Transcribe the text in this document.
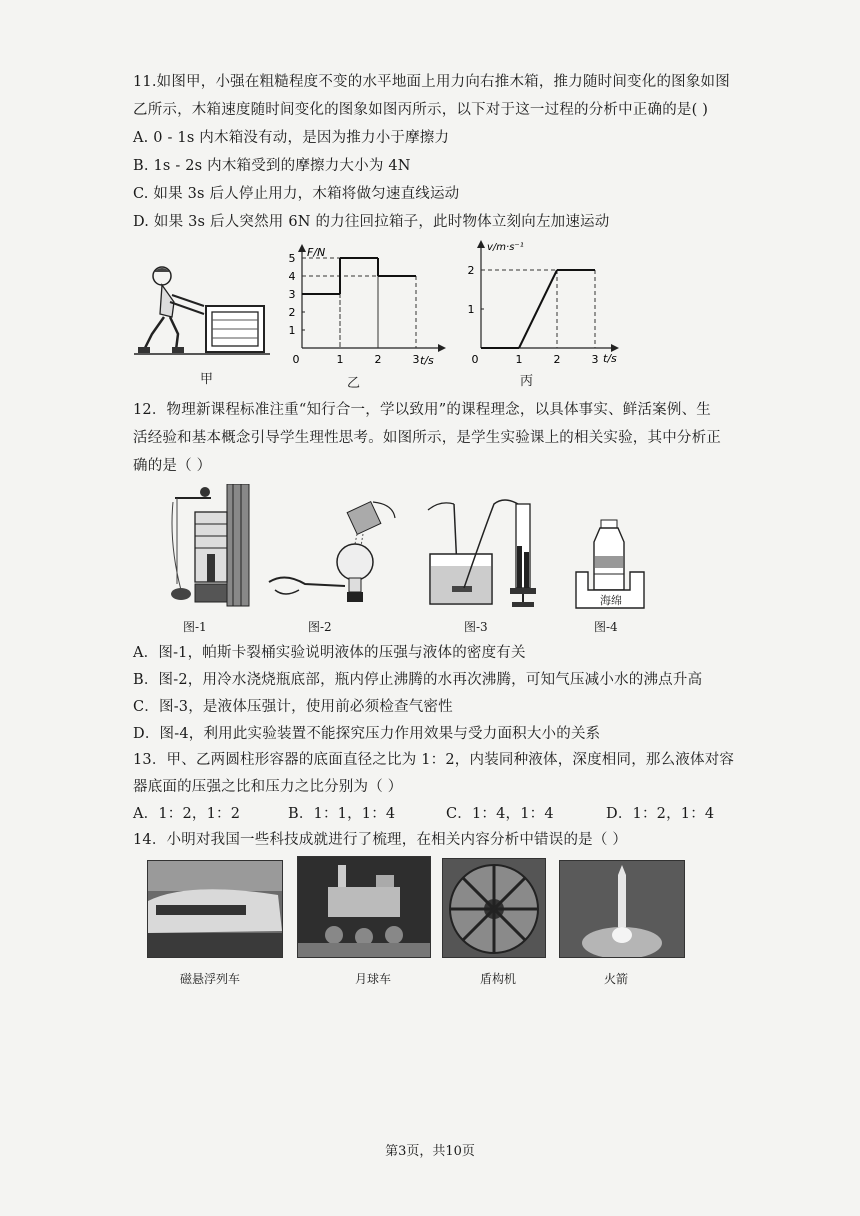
11.如图甲，小强在粗糙程度不变的水平地面上用力向右推木箱，推力随时间变化的图象如图
乙所示，木箱速度随时间变化的图象如图丙所示，以下对于这一过程的分析中正确的是( )
A. 0 - 1s 内木箱没有动，是因为推力小于摩擦力
B. 1s - 2s 内木箱受到的摩擦力大小为 4N
C. 如果 3s 后人停止用力，木箱将做匀速直线运动
D. 如果 3s 后人突然用 6N 的力往回拉箱子，此时物体立刻向左加速运动
F/N
t/s
1
2
3
4
5
0	1	2	3
v/m·s⁻¹
t/s
1
2
0	1	2	3
甲	乙	丙
12．物理新课程标准注重“知行合一，学以致用”的课程理念，以具体事实、鲜活案例、生
活经验和基本概念引导学生理性思考。如图所示，是学生实验课上的相关实验，其中分析正
确的是（ ）
海绵
图-1	图-2	图-3	图-4
A．图-1，帕斯卡裂桶实验说明液体的压强与液体的密度有关
B．图-2，用冷水浇烧瓶底部，瓶内停止沸腾的水再次沸腾，可知气压减小水的沸点升高
C．图-3，是液体压强计，使用前必须检查气密性
D．图-4，利用此实验装置不能探究压力作用效果与受力面积大小的关系
13．甲、乙两圆柱形容器的底面直径之比为 1：2，内装同种液体，深度相同，那么液体对容
器底面的压强之比和压力之比分别为（ ）
A．1：2，1：2	B．1：1，1：4	C．1：4，1：4	D．1：2，1：4
14．小明对我国一些科技成就进行了梳理，在相关内容分析中错误的是（ ）
磁悬浮列车	月球车	盾构机	火箭
第3页，共10页
